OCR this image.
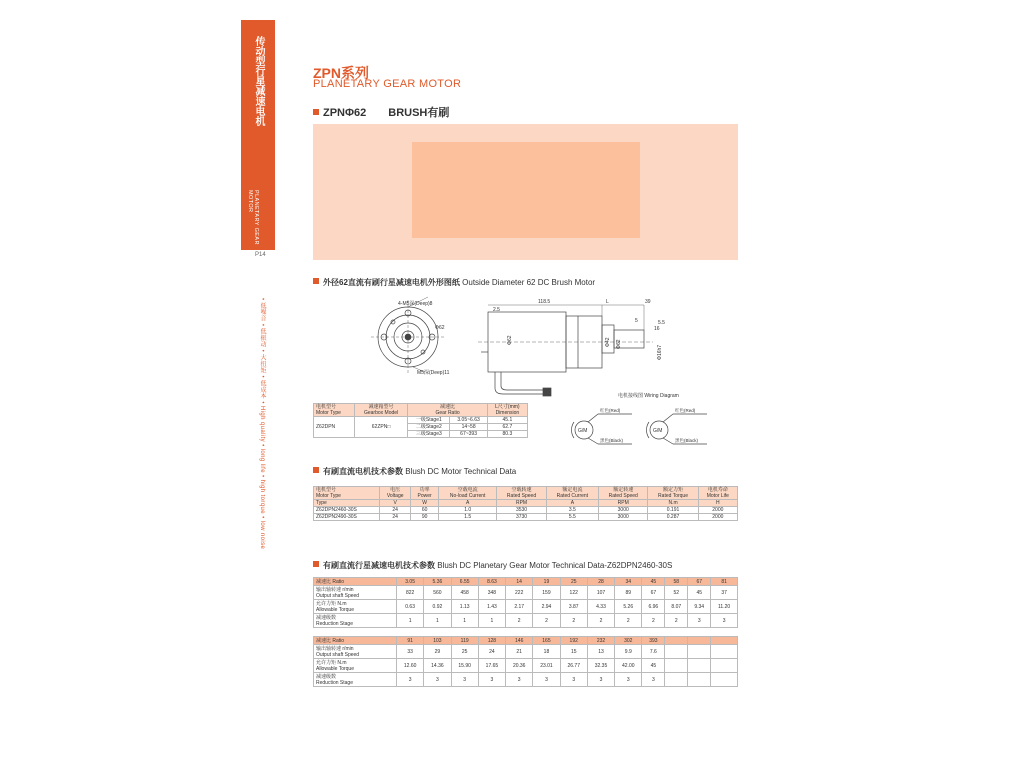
传动型行星减速电机
PLANETARY GEAR MOTOR
P14
• 低噪音 • 低振动 • 大扭矩 • 低成本 • High quality • long life • high torque • low noise
ZPN系列
PLANETARY GEAR MOTOR
ZPNΦ62 BRUSH有刷
外径62直流有刷行星减速电机外形图纸 Outside Diameter 62 DC Brush Motor
4-M5深(Deep)8
M5深(Deep)11
Φ62
118.5
2.5
L	39
5	5.5
16
Φ62	Φ42
Φ16h7
Φ62
电机型号
Motor Type	减速箱型号
Gearbox Model	减速比
Gear Ratio		L尺寸(mm)
Dimension
Z62DPN	62ZPN□	一级Stage1	3.05~6.63	45.1
		二级Stage2	14~58	62.7
		三级Stage3	67~393	80.3
电机接线图 Wiring Diagram
G/M	G/M
红色(Red)
黑色(Black)
红色(Red)
黑色(Black)
有刷直流电机技术参数 Blush DC Motor Technical Data
电机型号
Motor Type	电压
Voltage	功率
Power	空载电流
No-load Current	空载转速
Rated Speed	额定电流
Rated Current	额定转速
Rated Speed	额定力矩
Rated Torque	电机寿命
Motor Life
Type	V	W	A	RPM	A	RPM	N.m	H
Z62DPN2460-30S	24	60	1.0	3530	3.5	3000	0.191	2000
Z62DPN2490-30S	24	90	1.5	3730	5.5	3000	0.287	2000
有刷直流行星减速电机技术参数 Blush DC Planetary Gear Motor Technical Data-Z62DPN2460-30S
减速比 Ratio	3.05	5.36	6.55	8.63	14	19	25	28	34	45	58	67	81
输出轴转速 r/min
Output shaft Speed	822	560	458	348	222	159	122	107	89	67	52	45	37
允许力矩 N.m
Allowable Torque	0.63	0.92	1.13	1.43	2.17	2.94	3.87	4.33	5.26	6.96	8.07	9.34	11.20
减速级数
Reduction Stage	1	1	1	1	2	2	2	2	2	2	2	3	3

减速比 Ratio	91	103	119	128	146	165	192	232	302	393			
输出轴转速 r/min
Output shaft Speed	33	29	25	24	21	18	15	13	9.9	7.6			
允许力矩 N.m
Allowable Torque	12.60	14.36	15.90	17.65	20.36	23.01	26.77	32.35	42.00	45			
减速级数
Reduction Stage	3	3	3	3	3	3	3	3	3	3			
